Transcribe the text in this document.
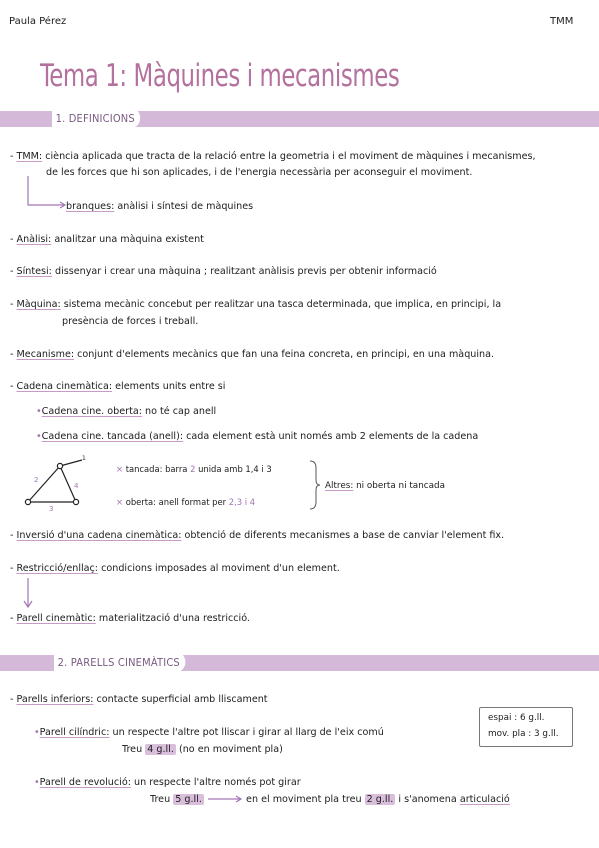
Paula Pérez	TMM
Tema 1: Màquines i mecanismes
1. DEFINICIONS
- TMM: ciència aplicada que tracta de la relació entre la geometria i el moviment de màquines i mecanismes,
de les forces que hi son aplicades, i de l'energia necessària per aconseguir el moviment.
branques: anàlisi i síntesi de màquines
- Anàlisi: analitzar una màquina existent
- Síntesi: dissenyar i crear una màquina ; realitzant anàlisis previs per obtenir informació
- Màquina: sistema mecànic concebut per realitzar una tasca determinada, que implica, en principi, la
presència de forces i treball.
- Mecanisme: conjunt d'elements mecànics que fan una feina concreta, en principi, en una màquina.
- Cadena cinemàtica: elements units entre si
•Cadena cine. oberta: no té cap anell
•Cadena cine. tancada (anell): cada element està unit només amb 2 elements de la cadena
1
2
4
3
× tancada: barra 2 unida amb 1,4 i 3
× oberta: anell format per 2,3 i 4
Altres: ni oberta ni tancada
- Inversió d'una cadena cinemàtica: obtenció de diferents mecanismes a base de canviar l'element fix.
- Restricció/enllaç: condicions imposades al moviment d'un element.
- Parell cinemàtic: materialització d'una restricció.
2. PARELLS CINEMÀTICS
- Parells inferiors: contacte superficial amb lliscament
•Parell cilíndric: un respecte l'altre pot lliscar i girar al llarg de l'eix comú
Treu 4 g.ll. (no en moviment pla)
espai : 6 g.ll.
mov. pla : 3 g.ll.
•Parell de revolució: un respecte l'altre només pot girar
Treu 5 g.ll.	en el moviment pla treu 2 g.ll. i s'anomena articulació
